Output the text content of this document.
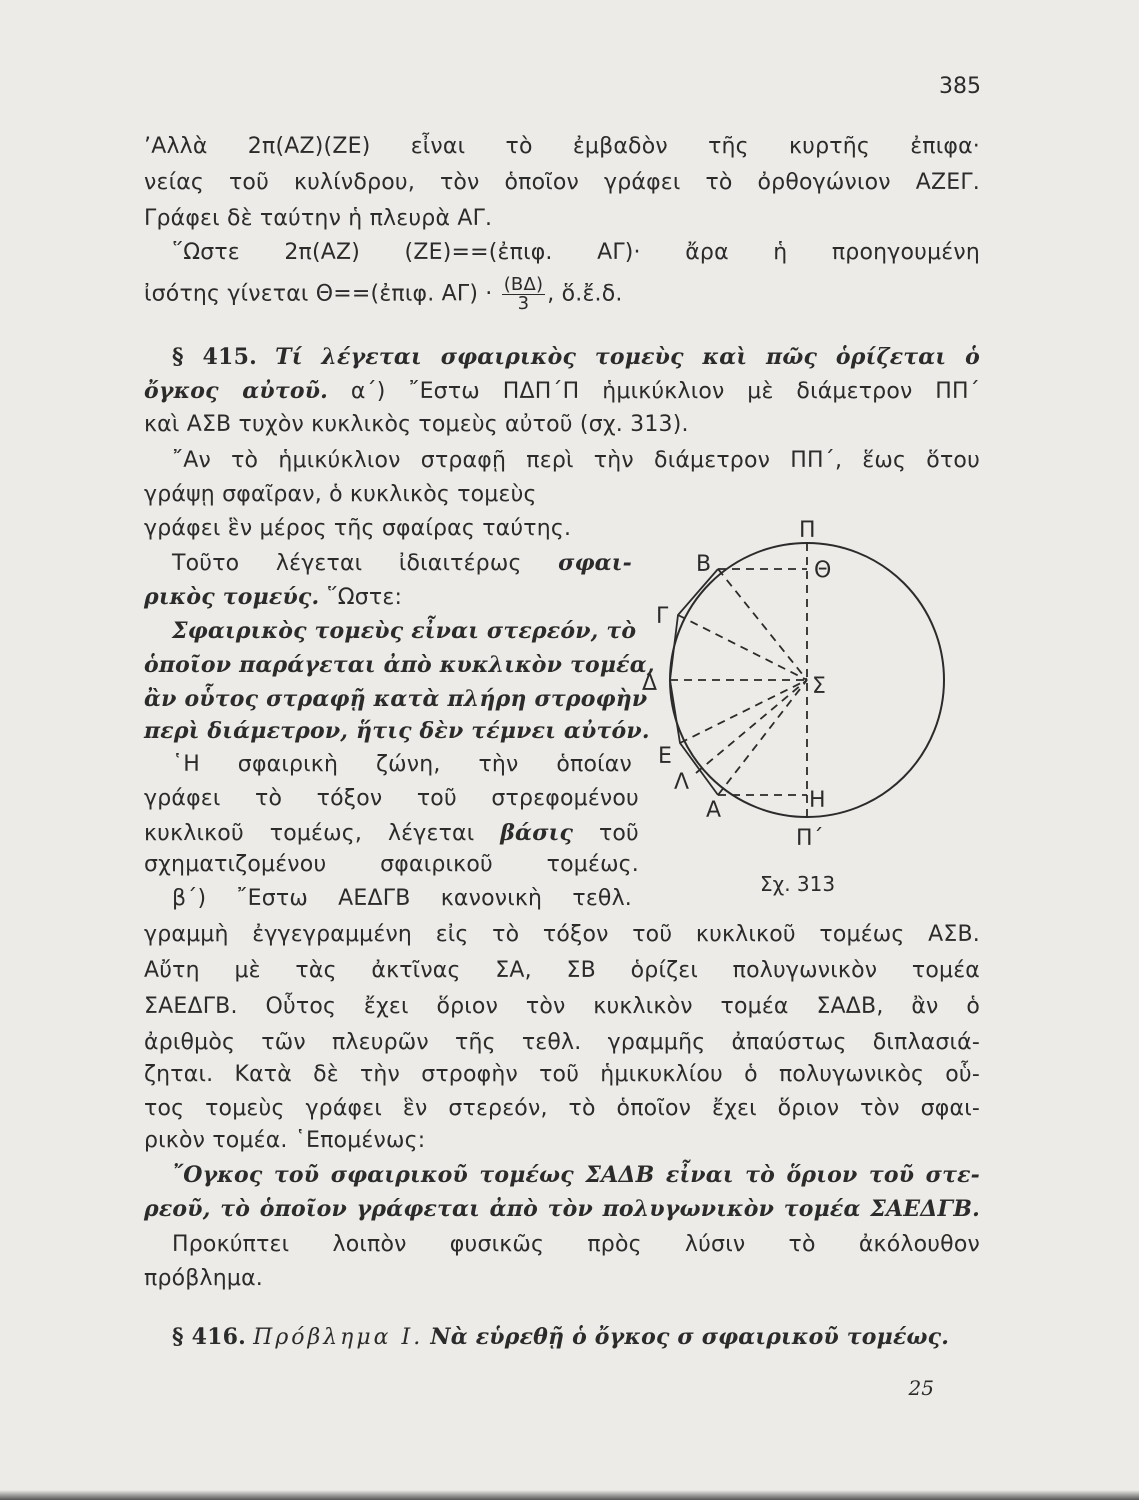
385
’Αλλὰ 2π(ΑΖ)(ΖΕ) εἶναι τὸ ἐμβαδὸν τῆς κυρτῆς ἐπιφα·
νείας τοῦ κυλίνδρου, τὸν ὁποῖον γράφει τὸ ὀρθογώνιον ΑΖΕΓ.
Γράφει δὲ ταύτην ἡ πλευρὰ ΑΓ.
῞Ωστε 2π(ΑΖ) (ΖΕ)==(ἐπιφ. ΑΓ)· ἄρα ἡ προηγουμένη
ἰσότης γίνεται Θ==(ἐπιφ. $A\Gamma) \cdot \frac{(B\Delta)}{3}$ , ὅ.ἔ.δ.
§ 415. Τί λέγεται σφαιρικὸς τομεὺς καὶ πῶς ὁρίζεται ὁ
ὄγκος αὐτοῦ. α´) ῎Εστω ΠΔΠ΄Π ἡμικύκλιον μὲ διάμετρον ΠΠ΄
καὶ ΑΣΒ τυχὸν κυκλικὸς τομεὺς αὐτοῦ (σχ. 313).
῎Αν τὸ ἡμικύκλιον στραφῇ περὶ τὴν διάμετρον ΠΠ΄, ἕως ὅτου
γράψῃ σφαῖραν, ὁ κυκλικὸς τομεὺς
γράφει ἓν μέρος τῆς σφαίρας ταύτης.
Τοῦτο λέγεται ἰδιαιτέρως σφαι-
ρικὸς τομεύς. ῞Ωστε:
Σφαιρικὸς τομεὺς εἶναι στερεόν, τὸ
ὁποῖον παράγεται ἀπὸ κυκλικὸν τομέα,
ἂν οὗτος στραφῇ κατὰ πλήρη στροφὴν
περὶ διάμετρον, ἥτις δὲν τέμνει αὐτόν.
῾Η σφαιρικὴ ζώνη, τὴν ὁποίαν
γράφει τὸ τόξον τοῦ στρεφομένου
κυκλικοῦ τομέως, λέγεται βάσις τοῦ
σχηματιζομένου σφαιρικοῦ τομέως.
β΄) ῎Εστω ΑΕΔΓΒ κανονικὴ τεθλ.
γραμμὴ ἐγγεγραμμένη εἰς τὸ τόξον τοῦ κυκλικοῦ τομέως ΑΣΒ.
Αὔτη μὲ τὰς ἀκτῖνας ΣΑ, ΣΒ ὁρίζει πολυγωνικὸν τομέα
ΣΑΕΔΓΒ. Οὗτος ἔχει ὅριον τὸν κυκλικὸν τομέα ΣΑΔΒ, ἂν ὁ
ἀριθμὸς τῶν πλευρῶν τῆς τεθλ. γραμμῆς ἀπαύστως διπλασιά-
ζηται. Κατὰ δὲ τὴν στροφὴν τοῦ ἡμικυκλίου ὁ πολυγωνικὸς οὗ-
τος τομεὺς γράφει ἓν στερεόν, τὸ ὁποῖον ἔχει ὅριον τὸν σφαι-
ρικὸν τομέα. ῾Επομένως:
῎Ογκος τοῦ σφαιρικοῦ τομέως ΣΑΔΒ εἶναι τὸ ὅριον τοῦ στε-
ρεοῦ, τὸ ὁποῖον γράφεται ἀπὸ τὸν πολυγωνικὸν τομέα ΣΑΕΔΓΒ.
Προκύπτει λοιπὸν φυσικῶς πρὸς λύσιν τὸ ἀκόλουθον
πρόβλημα.
§ 416. Πρόβλημα Ι. Νὰ εὑρεθῇ ὁ ὄγκος σ σφαιρικοῦ τομέως.
25
Π
Θ
Β
Γ
Δ	Σ
Ε
Λ
Α	Η
Π΄
Σχ. 313
